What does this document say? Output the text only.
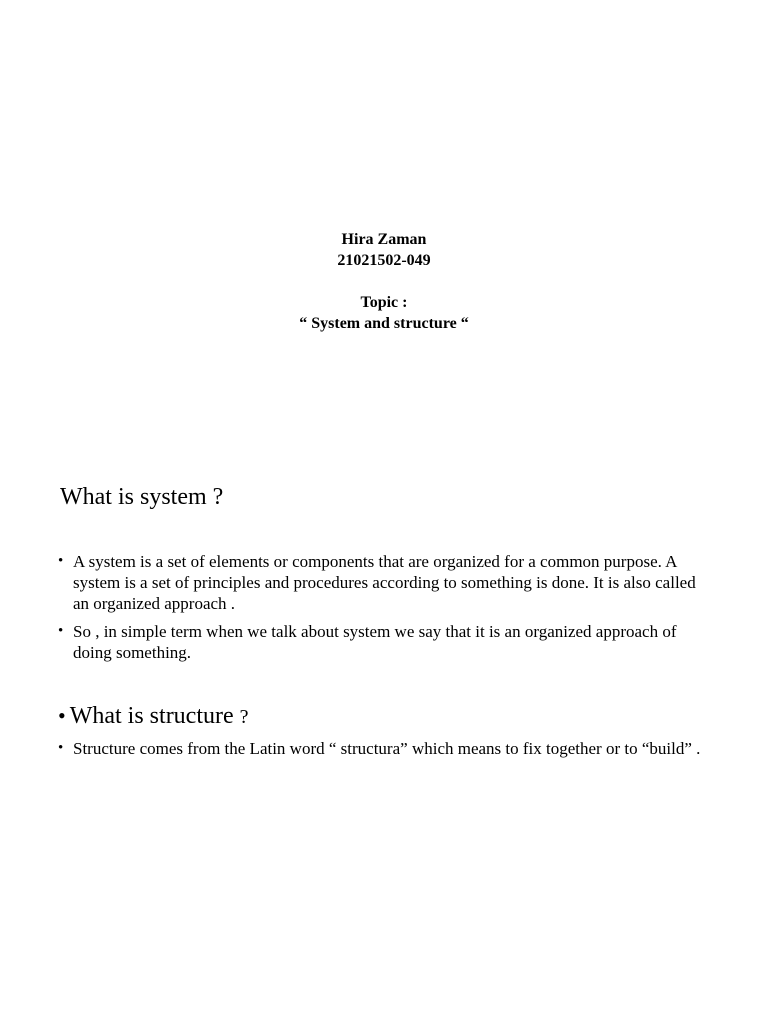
Hira Zaman
21021502-049
Topic :
“ System and structure “
What is system ?
• A system is a set of elements or components that are organized for a common purpose. A system is a set of principles and procedures according to something is done. It is also called an organized approach .
• So , in simple term when we talk about system we say that it is an organized approach of doing something.
• What is structure ?
• Structure comes from the Latin word “ structura” which means to fix together or to “build” .
